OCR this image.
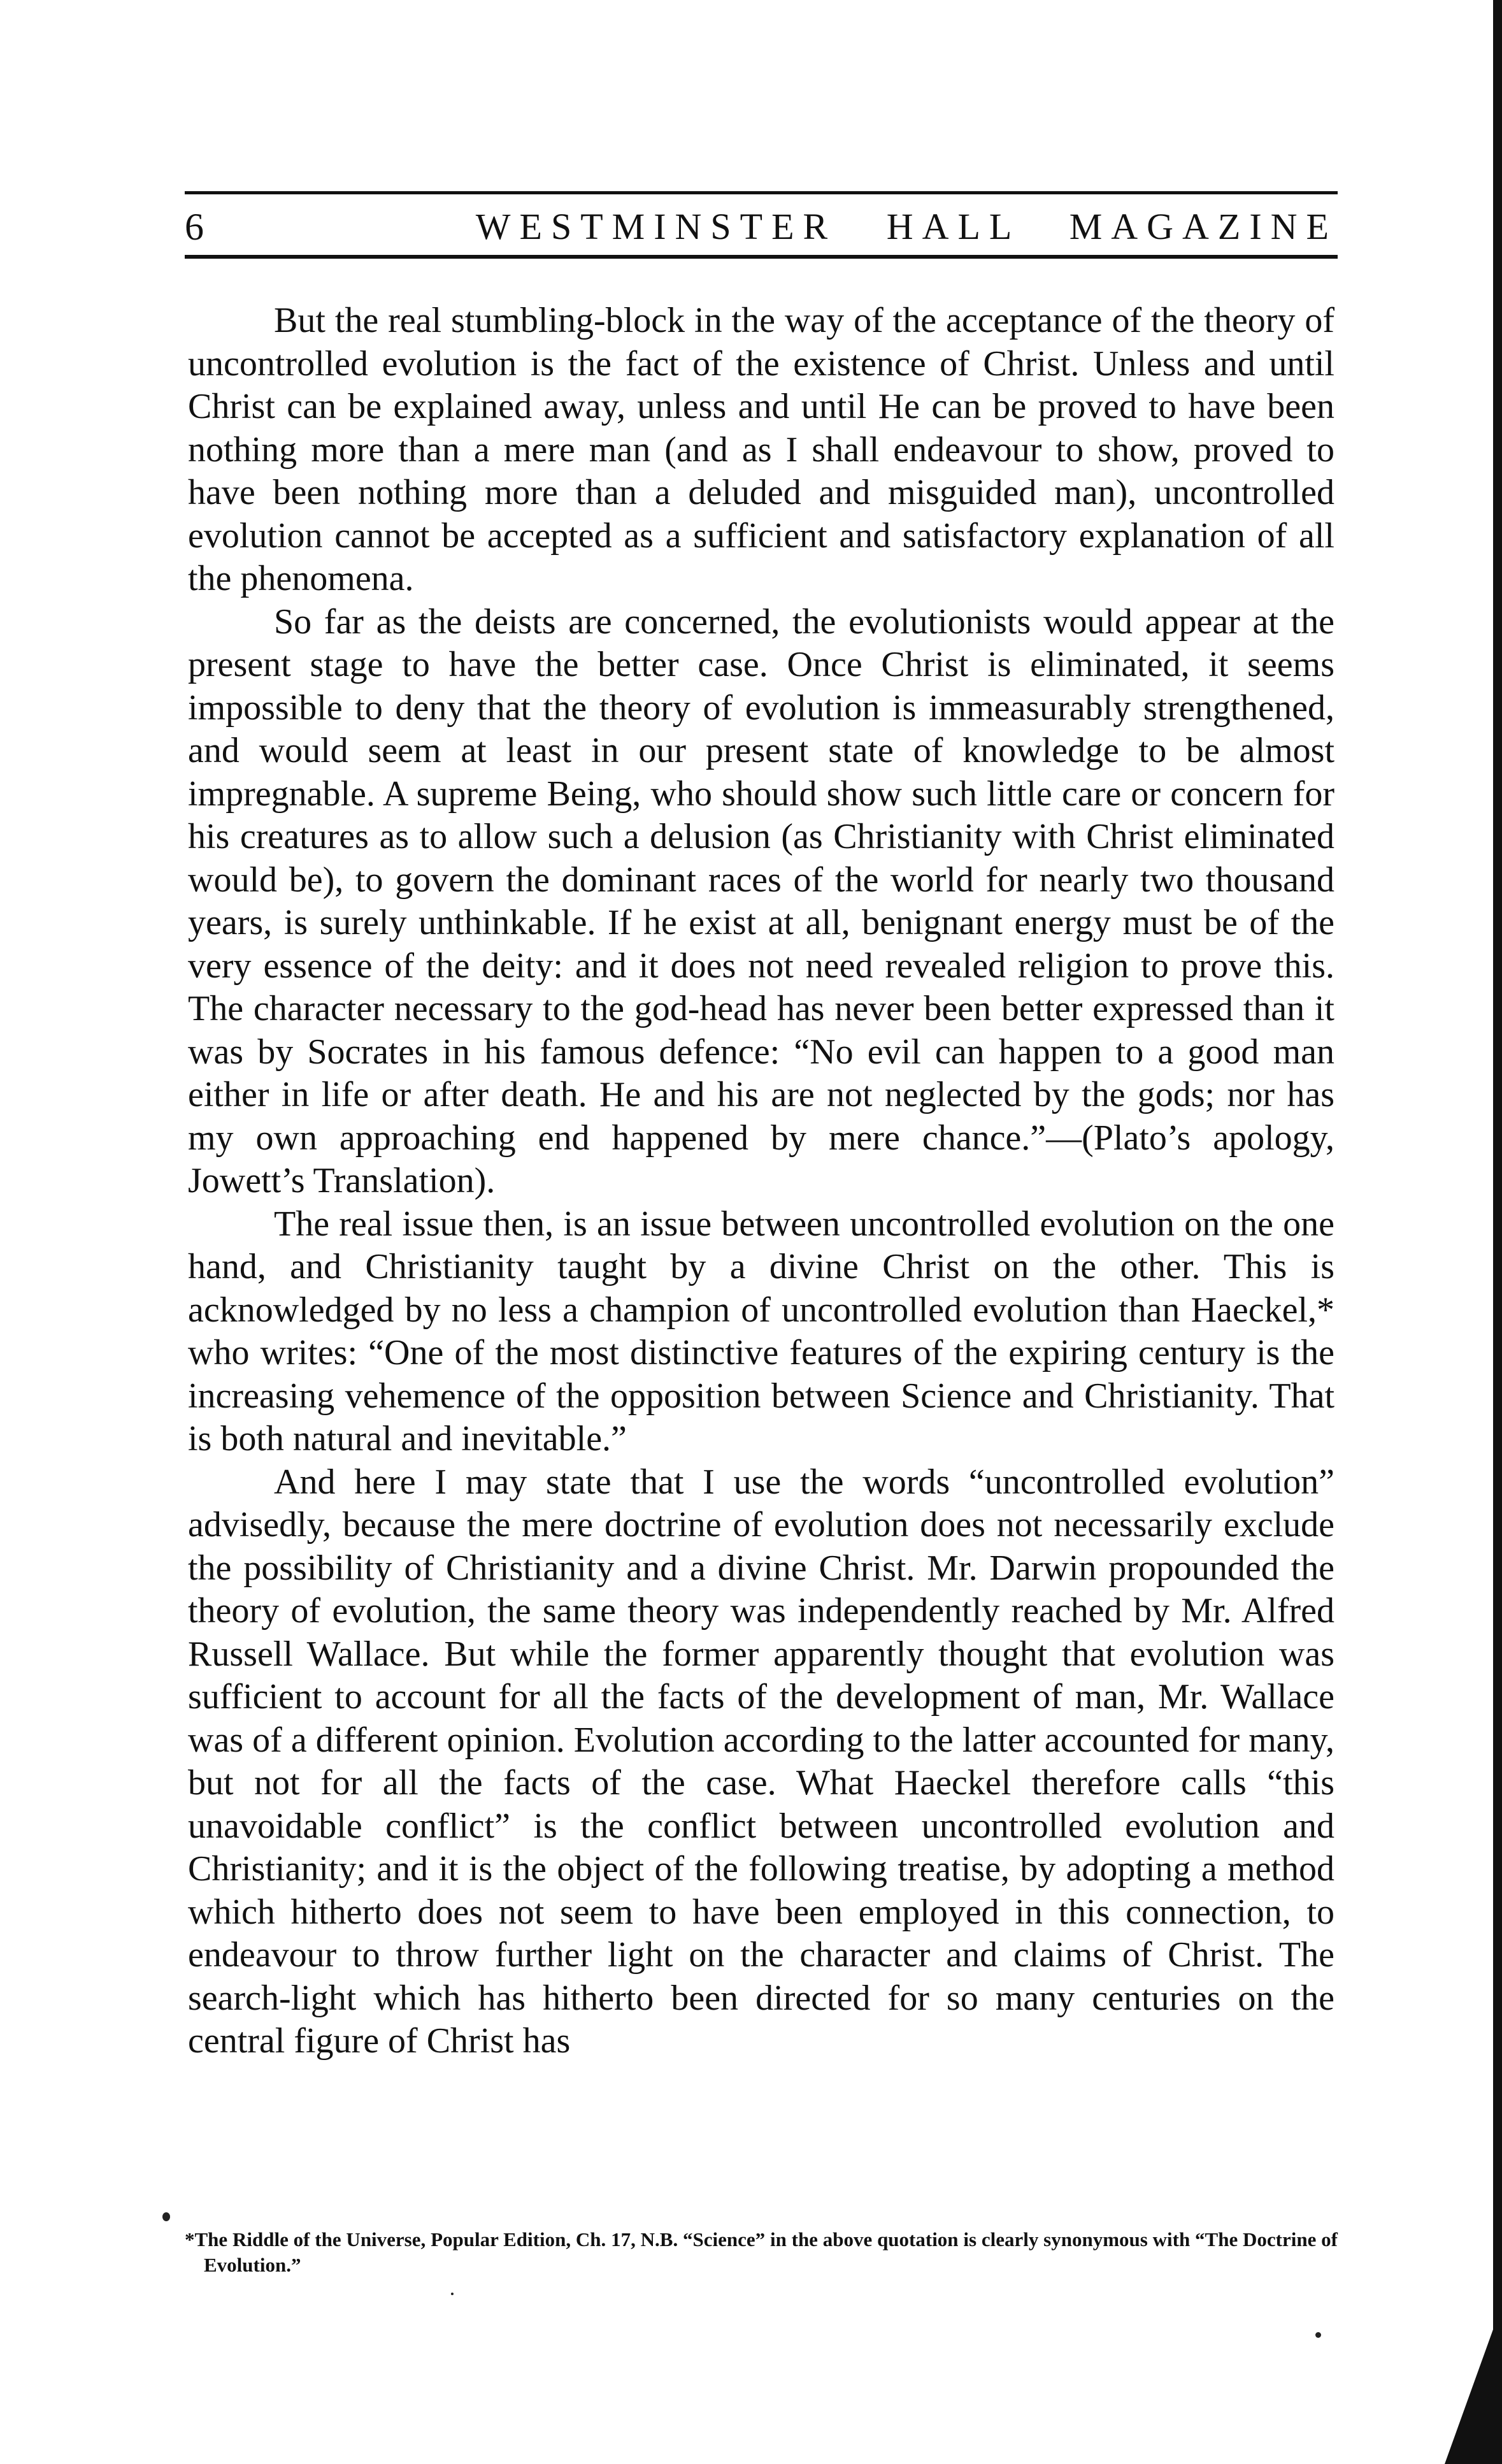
6	WESTMINSTER HALL MAGAZINE

But the real stumbling-block in the way of the acceptance of the theory of uncontrolled evolution is the fact of the existence of Christ. Unless and until Christ can be explained away, unless and until He can be proved to have been nothing more than a mere man (and as I shall endeavour to show, proved to have been nothing more than a deluded and misguided man), uncontrolled evolution cannot be accepted as a sufficient and satisfactory explanation of all the phenomena.

So far as the deists are concerned, the evolutionists would appear at the present stage to have the better case. Once Christ is eliminated, it seems impossible to deny that the theory of evolution is immeasurably strengthened, and would seem at least in our present state of knowledge to be almost impregnable. A supreme Being, who should show such little care or concern for his creatures as to allow such a delusion (as Christianity with Christ eliminated would be), to govern the dominant races of the world for nearly two thousand years, is surely unthinkable. If he exist at all, benignant energy must be of the very essence of the deity: and it does not need revealed religion to prove this. The character necessary to the god-head has never been better expressed than it was by Socrates in his famous defence: “No evil can happen to a good man either in life or after death. He and his are not neglected by the gods; nor has my own approaching end happened by mere chance.”—(Plato’s apology, Jowett’s Translation).

The real issue then, is an issue between uncontrolled evolution on the one hand, and Christianity taught by a divine Christ on the other. This is acknowledged by no less a champion of uncontrolled evolution than Haeckel,* who writes: “One of the most distinctive features of the expiring century is the increasing vehemence of the opposition between Science and Christianity. That is both natural and inevitable.”

And here I may state that I use the words “uncontrolled evolution” advisedly, because the mere doctrine of evolution does not necessarily exclude the possibility of Christianity and a divine Christ. Mr. Darwin propounded the theory of evolution, the same theory was independently reached by Mr. Alfred Russell Wallace. But while the former apparently thought that evolution was sufficient to account for all the facts of the development of man, Mr. Wallace was of a different opinion. Evolution according to the latter accounted for many, but not for all the facts of the case. What Haeckel therefore calls “this unavoidable conflict” is the conflict between uncontrolled evolution and Christianity; and it is the object of the following treatise, by adopting a method which hitherto does not seem to have been employed in this connection, to endeavour to throw further light on the character and claims of Christ. The search-light which has hitherto been directed for so many centuries on the central figure of Christ has

*The Riddle of the Universe, Popular Edition, Ch. 17, N.B. “Science” in the above quotation is clearly synonymous with “The Doctrine of Evolution.”
